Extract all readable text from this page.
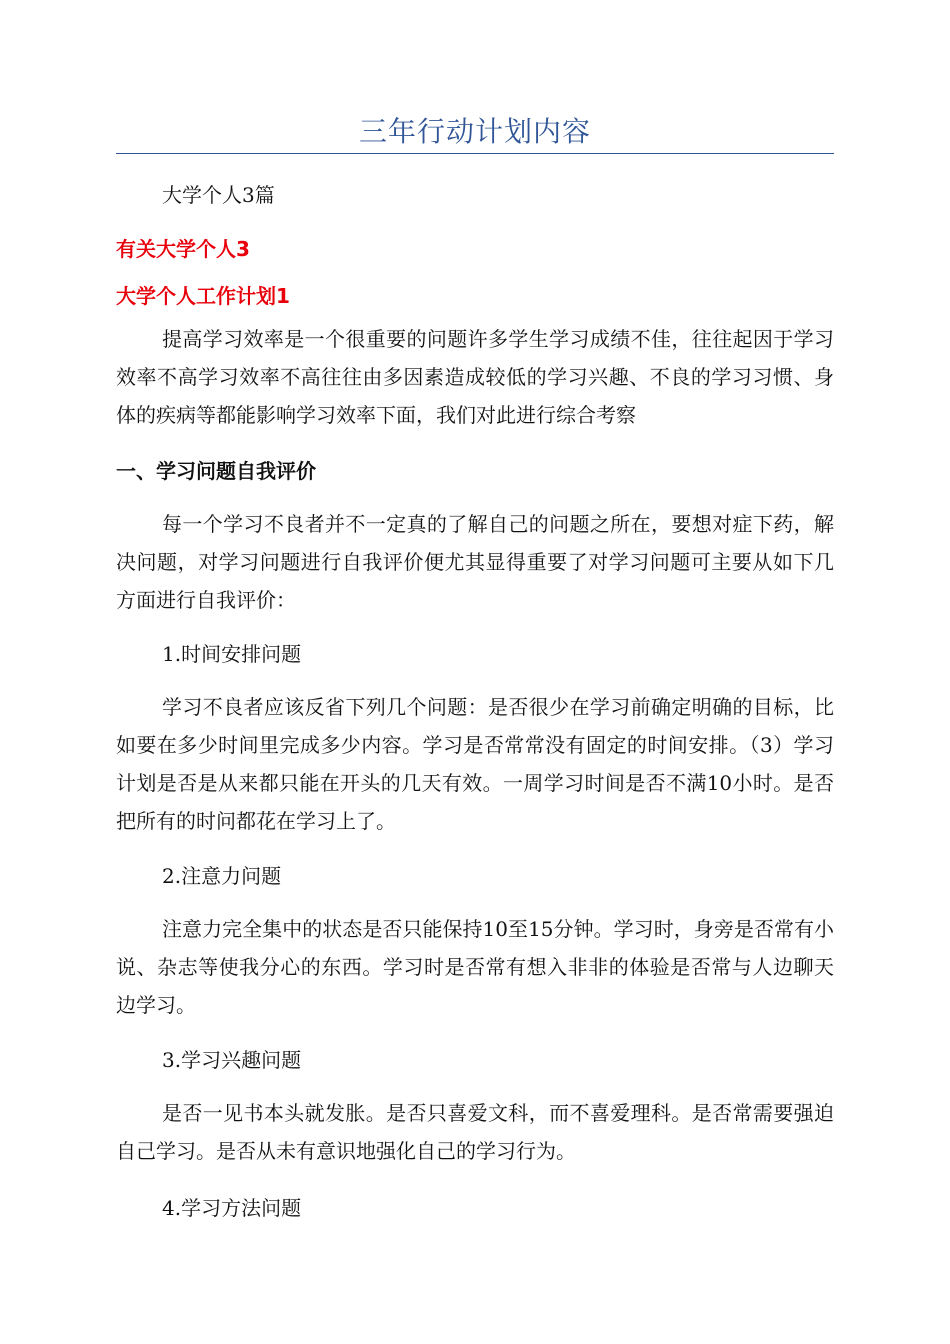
三年行动计划内容

大学个人3篇

有关大学个人3

大学个人工作计划1

提高学习效率是一个很重要的问题许多学生学习成绩不佳，往往起因于学习效率不高学习效率不高往往由多因素造成较低的学习兴趣、不良的学习习惯、身体的疾病等都能影响学习效率下面，我们对此进行综合考察

一、学习问题自我评价

每一个学习不良者并不一定真的了解自己的问题之所在，要想对症下药，解决问题，对学习问题进行自我评价便尤其显得重要了对学习问题可主要从如下几方面进行自我评价：

1.时间安排问题

学习不良者应该反省下列几个问题：是否很少在学习前确定明确的目标，比如要在多少时间里完成多少内容。学习是否常常没有固定的时间安排。（3）学习计划是否是从来都只能在开头的几天有效。一周学习时间是否不满10小时。是否把所有的时问都花在学习上了。

2.注意力问题

注意力完全集中的状态是否只能保持10至15分钟。学习时，身旁是否常有小说、杂志等使我分心的东西。学习时是否常有想入非非的体验是否常与人边聊天边学习。

3.学习兴趣问题

是否一见书本头就发胀。是否只喜爱文科，而不喜爱理科。是否常需要强迫自己学习。是否从未有意识地强化自己的学习行为。

4.学习方法问题
